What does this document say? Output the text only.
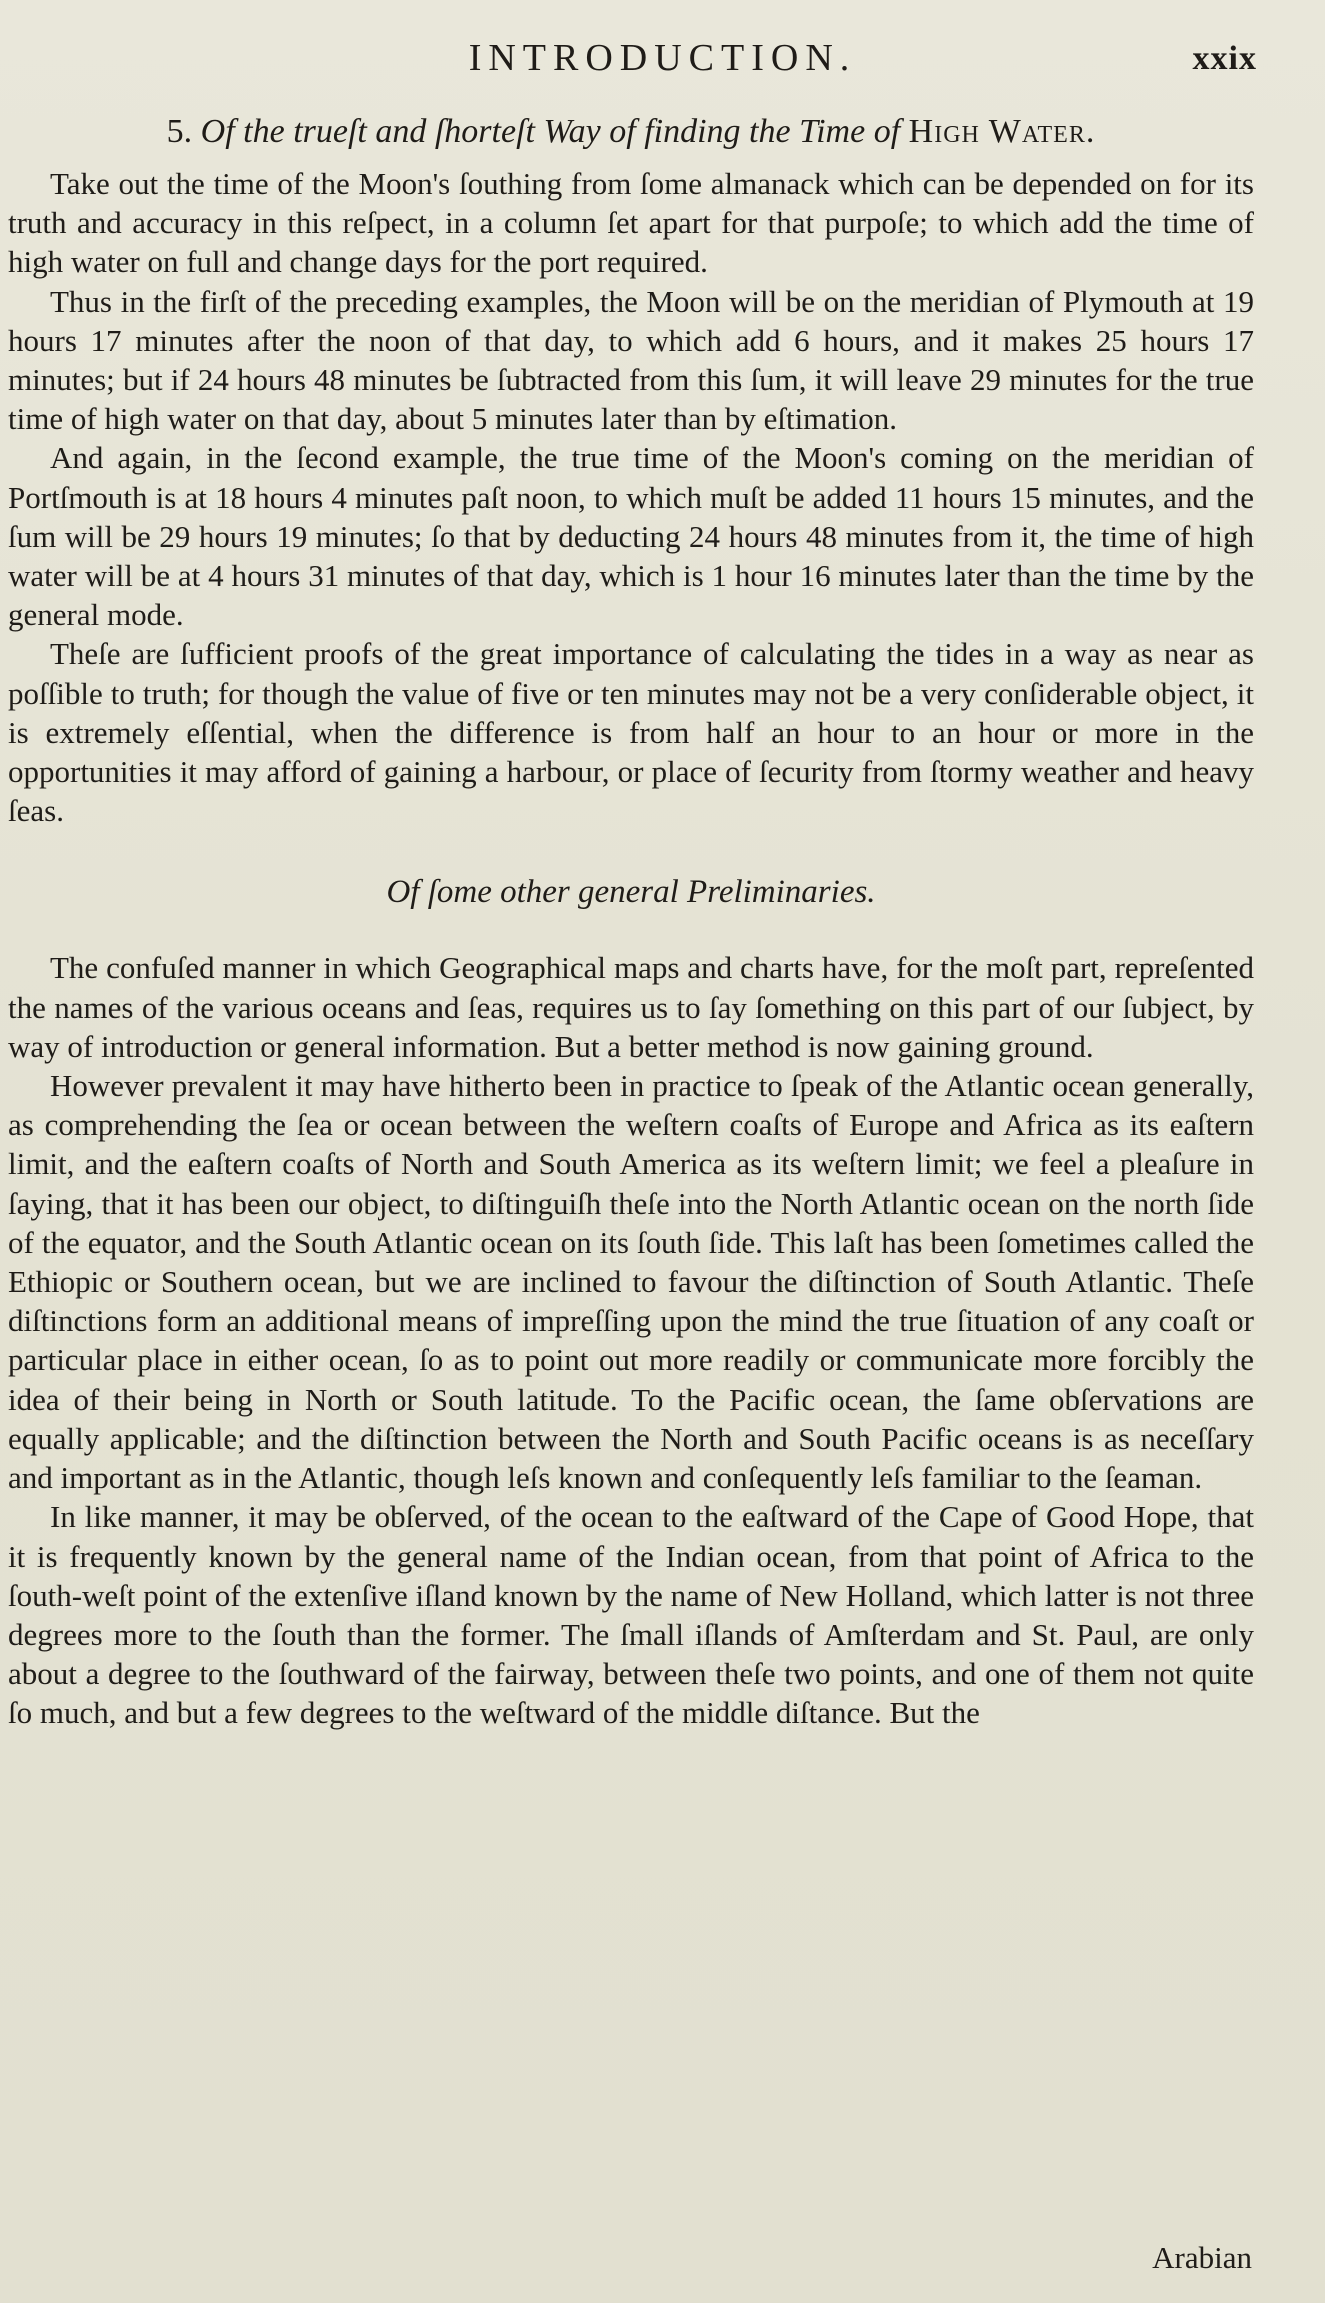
INTRODUCTION.	xxix
5. Of the trueſt and ſhorteſt Way of finding the Time of High Water.

Take out the time of the Moon's ſouthing from ſome almanack which can be depended on for its truth and accuracy in this reſpect, in a column ſet apart for that purpoſe; to which add the time of high water on full and change days for the port required.

Thus in the firſt of the preceding examples, the Moon will be on the meridian of Plymouth at 19 hours 17 minutes after the noon of that day, to which add 6 hours, and it makes 25 hours 17 minutes; but if 24 hours 48 minutes be ſubtracted from this ſum, it will leave 29 minutes for the true time of high water on that day, about 5 minutes later than by eſtimation.

And again, in the ſecond example, the true time of the Moon's coming on the meridian of Portſmouth is at 18 hours 4 minutes paſt noon, to which muſt be added 11 hours 15 minutes, and the ſum will be 29 hours 19 minutes; ſo that by deducting 24 hours 48 minutes from it, the time of high water will be at 4 hours 31 minutes of that day, which is 1 hour 16 minutes later than the time by the general mode.

Theſe are ſufficient proofs of the great importance of calculating the tides in a way as near as poſſible to truth; for though the value of five or ten minutes may not be a very conſiderable object, it is extremely eſſential, when the difference is from half an hour to an hour or more in the opportunities it may afford of gaining a harbour, or place of ſecurity from ſtormy weather and heavy ſeas.

Of ſome other general Preliminaries.

The confuſed manner in which Geographical maps and charts have, for the moſt part, repreſented the names of the various oceans and ſeas, requires us to ſay ſomething on this part of our ſubject, by way of introduction or general information. But a better method is now gaining ground.

However prevalent it may have hitherto been in practice to ſpeak of the Atlantic ocean generally, as comprehending the ſea or ocean between the weſtern coaſts of Europe and Africa as its eaſtern limit, and the eaſtern coaſts of North and South America as its weſtern limit; we feel a pleaſure in ſaying, that it has been our object, to diſtinguiſh theſe into the North Atlantic ocean on the north ſide of the equator, and the South Atlantic ocean on its ſouth ſide. This laſt has been ſometimes called the Ethiopic or Southern ocean, but we are inclined to favour the diſtinction of South Atlantic. Theſe diſtinctions form an additional means of impreſſing upon the mind the true ſituation of any coaſt or particular place in either ocean, ſo as to point out more readily or communicate more forcibly the idea of their being in North or South latitude. To the Pacific ocean, the ſame obſervations are equally applicable; and the diſtinction between the North and South Pacific oceans is as neceſſary and important as in the Atlantic, though leſs known and conſequently leſs familiar to the ſeaman.

In like manner, it may be obſerved, of the ocean to the eaſtward of the Cape of Good Hope, that it is frequently known by the general name of the Indian ocean, from that point of Africa to the ſouth-weſt point of the extenſive iſland known by the name of New Holland, which latter is not three degrees more to the ſouth than the former. The ſmall iſlands of Amſterdam and St. Paul, are only about a degree to the ſouthward of the fairway, between theſe two points, and one of them not quite ſo much, and but a few degrees to the weſtward of the middle diſtance. But the

Arabian
